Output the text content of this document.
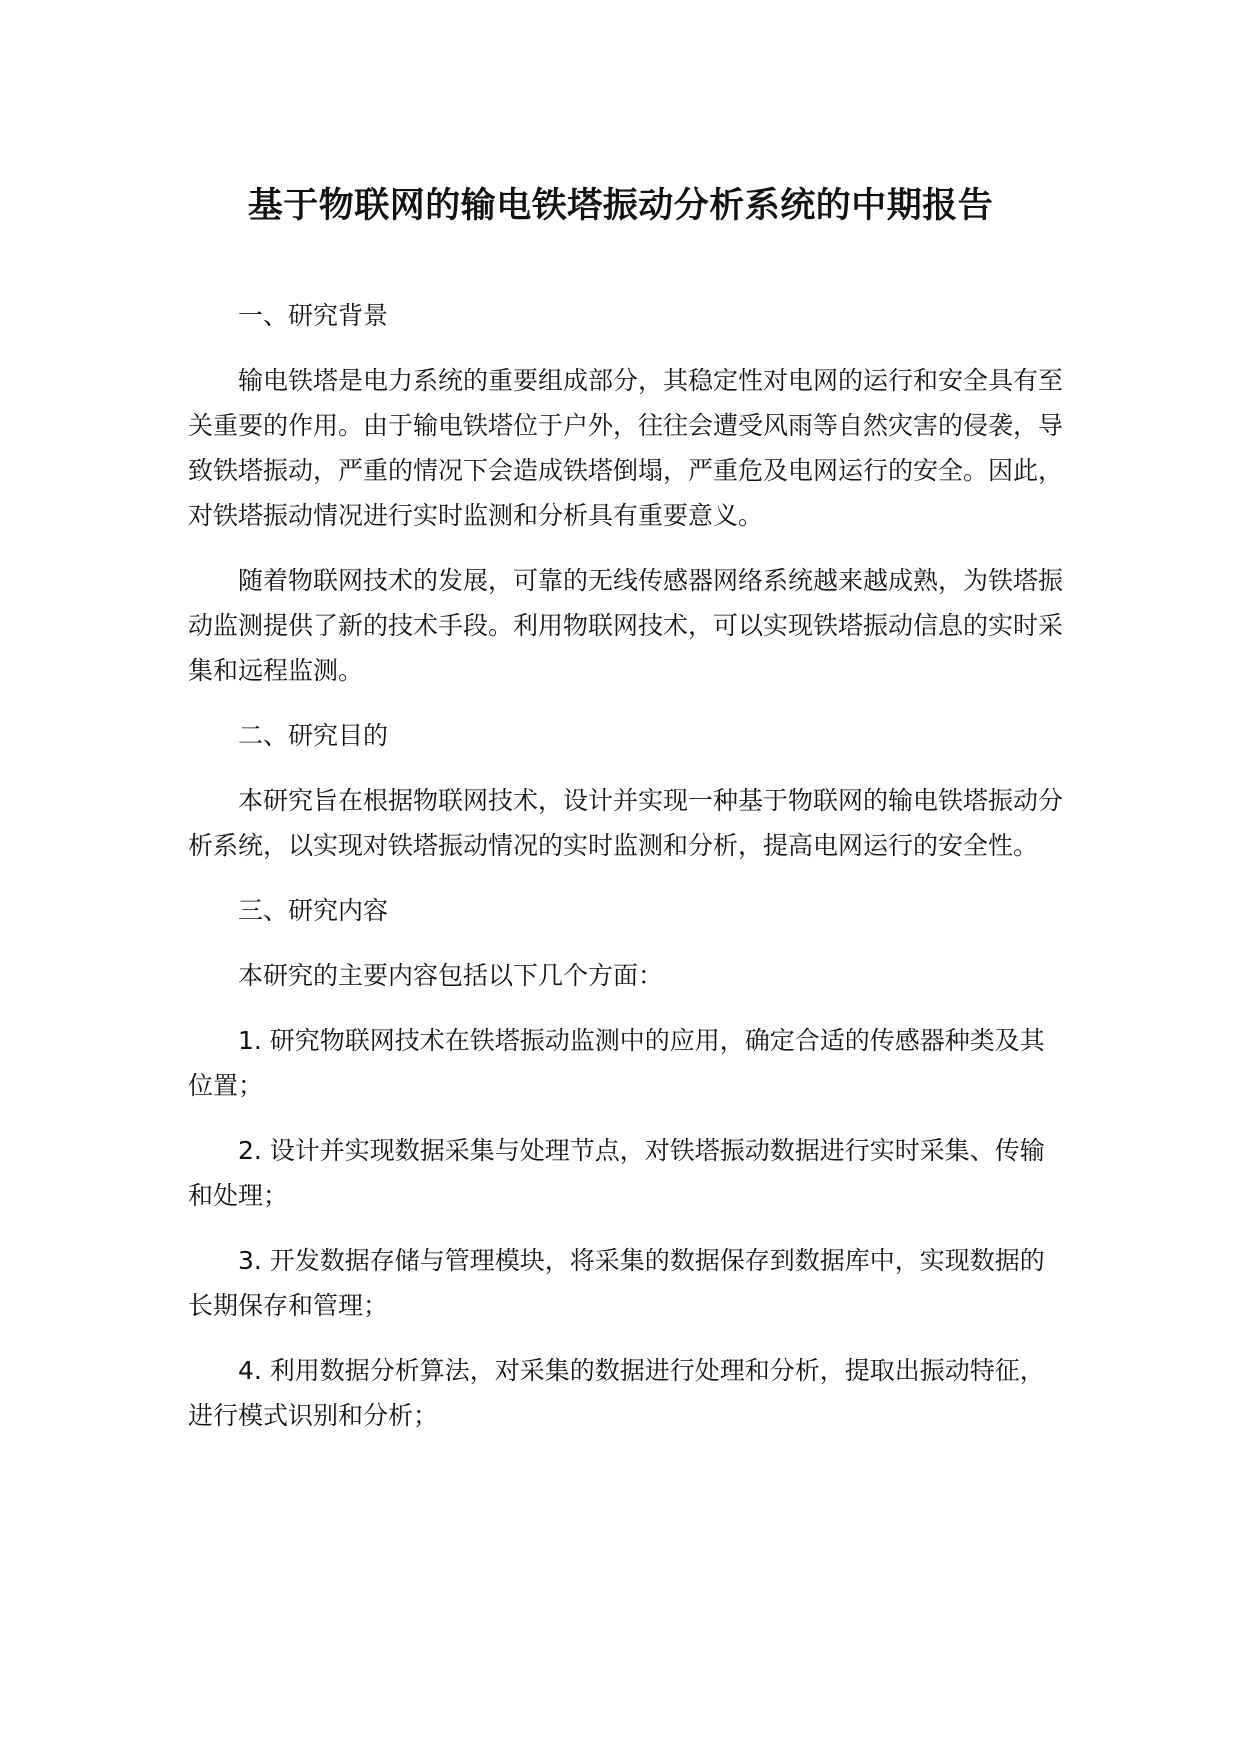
基于物联网的输电铁塔振动分析系统的中期报告
一、研究背景

输电铁塔是电力系统的重要组成部分，其稳定性对电网的运行和安全具有至关重要的作用。由于输电铁塔位于户外，往往会遭受风雨等自然灾害的侵袭，导致铁塔振动，严重的情况下会造成铁塔倒塌，严重危及电网运行的安全。因此，对铁塔振动情况进行实时监测和分析具有重要意义。

随着物联网技术的发展，可靠的无线传感器网络系统越来越成熟，为铁塔振动监测提供了新的技术手段。利用物联网技术，可以实现铁塔振动信息的实时采集和远程监测。

二、研究目的

本研究旨在根据物联网技术，设计并实现一种基于物联网的输电铁塔振动分析系统，以实现对铁塔振动情况的实时监测和分析，提高电网运行的安全性。

三、研究内容

本研究的主要内容包括以下几个方面：

1. 研究物联网技术在铁塔振动监测中的应用，确定合适的传感器种类及其位置；

2. 设计并实现数据采集与处理节点，对铁塔振动数据进行实时采集、传输和处理；

3. 开发数据存储与管理模块，将采集的数据保存到数据库中，实现数据的长期保存和管理；

4. 利用数据分析算法，对采集的数据进行处理和分析，提取出振动特征，进行模式识别和分析；
